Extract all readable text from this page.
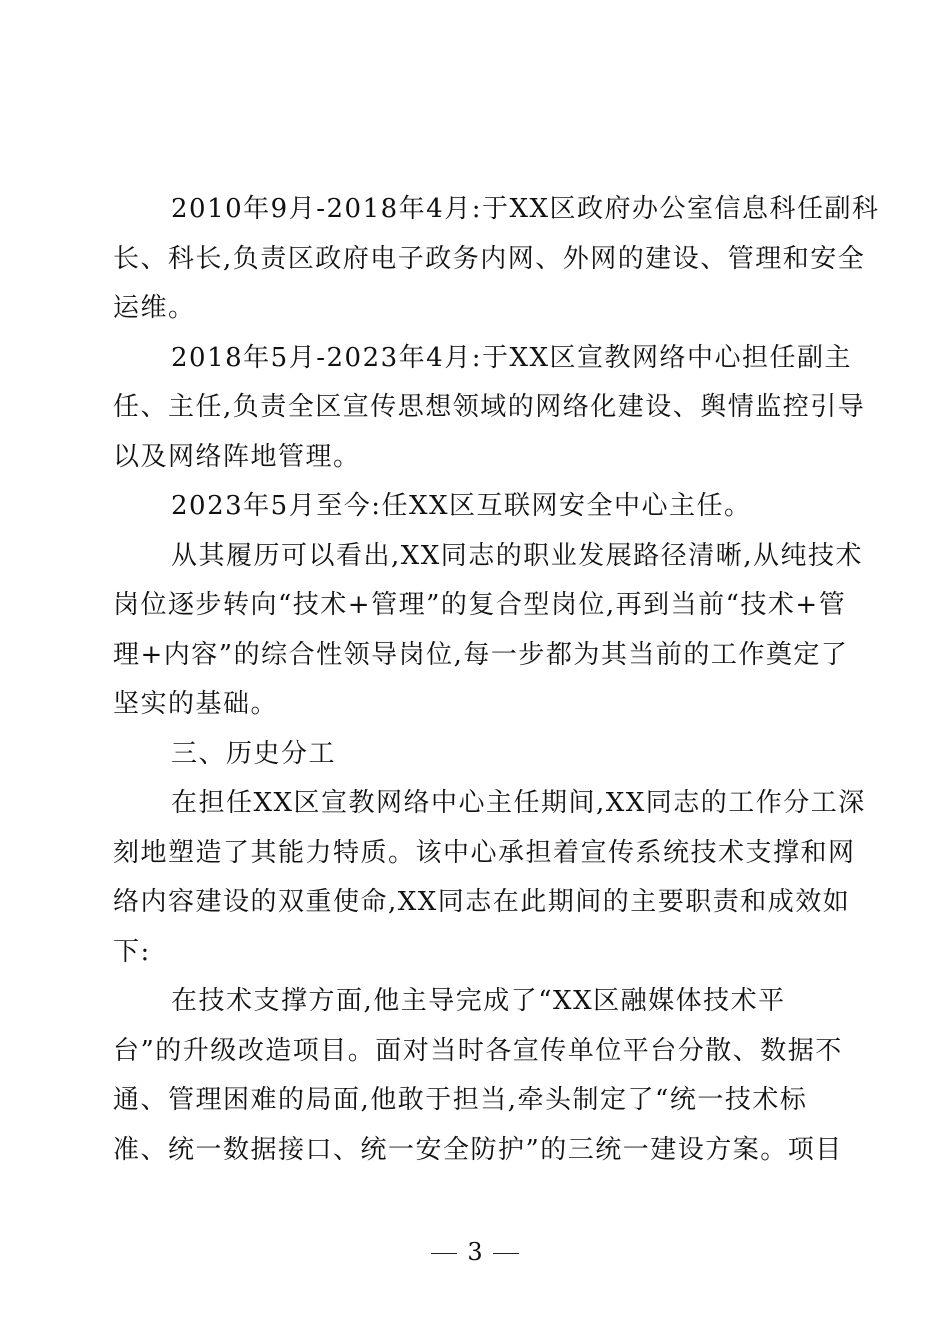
2010年9月-2018年4月:于XX区政府办公室信息科任副科
长、科长,负责区政府电子政务内网、外网的建设、管理和安全
运维。

2018年5月-2023年4月:于XX区宣教网络中心担任副主
任、主任,负责全区宣传思想领域的网络化建设、舆情监控引导
以及网络阵地管理。

2023年5月至今:任XX区互联网安全中心主任。

从其履历可以看出,XX同志的职业发展路径清晰,从纯技术
岗位逐步转向“技术+管理”的复合型岗位,再到当前“技术+管
理+内容”的综合性领导岗位,每一步都为其当前的工作奠定了
坚实的基础。

三、历史分工

在担任XX区宣教网络中心主任期间,XX同志的工作分工深
刻地塑造了其能力特质。该中心承担着宣传系统技术支撑和网
络内容建设的双重使命,XX同志在此期间的主要职责和成效如
下:

在技术支撑方面,他主导完成了“XX区融媒体技术平
台”的升级改造项目。面对当时各宣传单位平台分散、数据不
通、管理困难的局面,他敢于担当,牵头制定了“统一技术标
准、统一数据接口、统一安全防护”的三统一建设方案。项目

3
